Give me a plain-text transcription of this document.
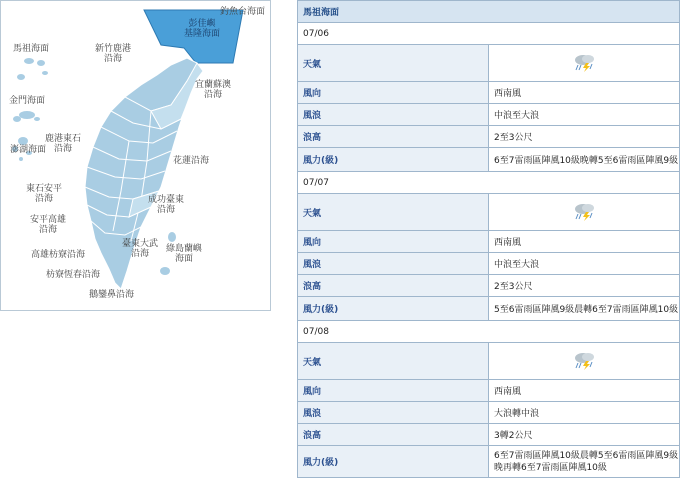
馬祖海面	新竹鹿港
沿海
彭佳嶼
基隆海面
釣魚台海面
宜蘭蘇澳
沿海
金門海面
鹿港東石
沿海
澎湖海面
花蓮沿海
東石安平
沿海	成功臺東
沿海
安平高雄
沿海
臺東大武
沿海	綠島蘭嶼
海面
高雄枋寮沿海
枋寮恆春沿海
鵝鑾鼻沿海
馬祖海面	
07/06	
天氣	
風向	西南風
風浪	中浪至大浪
浪高	2至3公尺
風力(級)	6至7雷雨區陣風10級晚轉5至6雷雨區陣風9級
07/07	
天氣	
風向	西南風
風浪	中浪至大浪
浪高	2至3公尺
風力(級)	5至6雷雨區陣風9級晨轉6至7雷雨區陣風10級
07/08	
天氣	
風向	西南風
風浪	大浪轉中浪
浪高	3轉2公尺
風力(級)	6至7雷雨區陣風10級晨轉5至6雷雨區陣風9級晚再轉6至7雷雨區陣風10級
